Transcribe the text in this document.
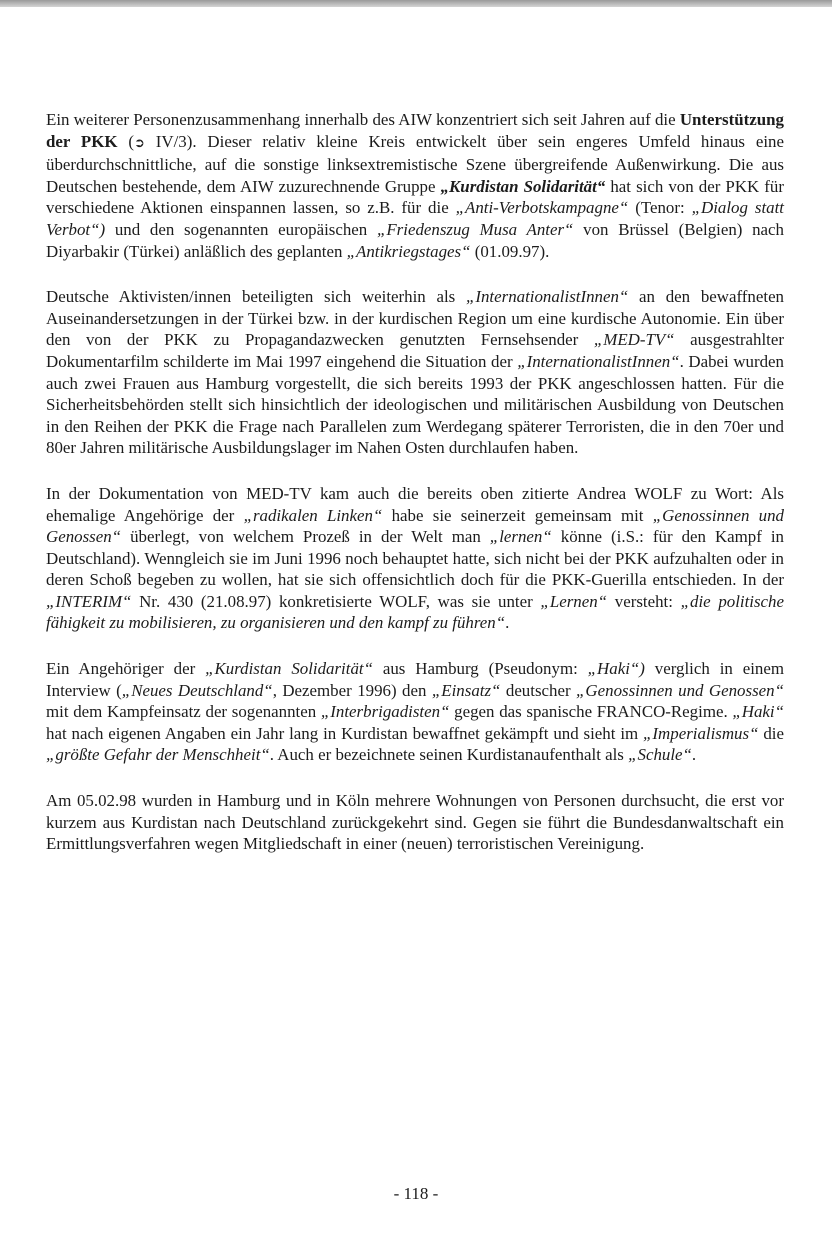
Ein weiterer Personenzusammenhang innerhalb des AIW konzentriert sich seit Jahren auf die Unterstützung der PKK (➲ IV/3). Dieser relativ kleine Kreis entwickelt über sein engeres Umfeld hinaus eine überdurchschnittliche, auf die sonstige linksextremistische Szene übergreifende Außenwirkung. Die aus Deutschen bestehende, dem AIW zuzurechnende Gruppe „Kurdistan Solidarität“ hat sich von der PKK für verschiedene Aktionen einspannen lassen, so z.B. für die „Anti-Verbotskampagne“ (Tenor: „Dialog statt Verbot“) und den sogenannten europäischen „Friedenszug Musa Anter“ von Brüssel (Belgien) nach Diyarbakir (Türkei) anläßlich des geplanten „Antikriegstages“ (01.09.97).

Deutsche Aktivisten/innen beteiligten sich weiterhin als „InternationalistInnen“ an den bewaffneten Auseinandersetzungen in der Türkei bzw. in der kurdischen Region um eine kurdische Autonomie. Ein über den von der PKK zu Propagandazwecken genutzten Fernsehsender „MED-TV“ ausgestrahlter Dokumentarfilm schilderte im Mai 1997 eingehend die Situation der „InternationalistInnen“. Dabei wurden auch zwei Frauen aus Hamburg vorgestellt, die sich bereits 1993 der PKK angeschlossen hatten. Für die Sicherheitsbehörden stellt sich hinsichtlich der ideologischen und militärischen Ausbildung von Deutschen in den Reihen der PKK die Frage nach Parallelen zum Werdegang späterer Terroristen, die in den 70er und 80er Jahren militärische Ausbildungslager im Nahen Osten durchlaufen haben.

In der Dokumentation von MED-TV kam auch die bereits oben zitierte Andrea WOLF zu Wort: Als ehemalige Angehörige der „radikalen Linken“ habe sie seinerzeit gemeinsam mit „Genossinnen und Genossen“ überlegt, von welchem Prozeß in der Welt man „lernen“ könne (i.S.: für den Kampf in Deutschland). Wenngleich sie im Juni 1996 noch behauptet hatte, sich nicht bei der PKK aufzuhalten oder in deren Schoß begeben zu wollen, hat sie sich offensichtlich doch für die PKK-Guerilla entschieden. In der „INTERIM“ Nr. 430 (21.08.97) konkretisierte WOLF, was sie unter „Lernen“ versteht: „die politische fähigkeit zu mobilisieren, zu organisieren und den kampf zu führen“.

Ein Angehöriger der „Kurdistan Solidarität“ aus Hamburg (Pseudonym: „Haki“) verglich in einem Interview („Neues Deutschland“, Dezember 1996) den „Einsatz“ deutscher „Genossinnen und Genossen“ mit dem Kampfeinsatz der sogenannten „Interbrigadisten“ gegen das spanische FRANCO-Regime. „Haki“ hat nach eigenen Angaben ein Jahr lang in Kurdistan bewaffnet gekämpft und sieht im „Imperialismus“ die „größte Gefahr der Menschheit“. Auch er bezeichnete seinen Kurdistanaufenthalt als „Schule“.

Am 05.02.98 wurden in Hamburg und in Köln mehrere Wohnungen von Personen durchsucht, die erst vor kurzem aus Kurdistan nach Deutschland zurückgekehrt sind. Gegen sie führt die Bundesdanwaltschaft ein Ermittlungsverfahren wegen Mitgliedschaft in einer (neuen) terroristischen Vereinigung.

- 118 -
